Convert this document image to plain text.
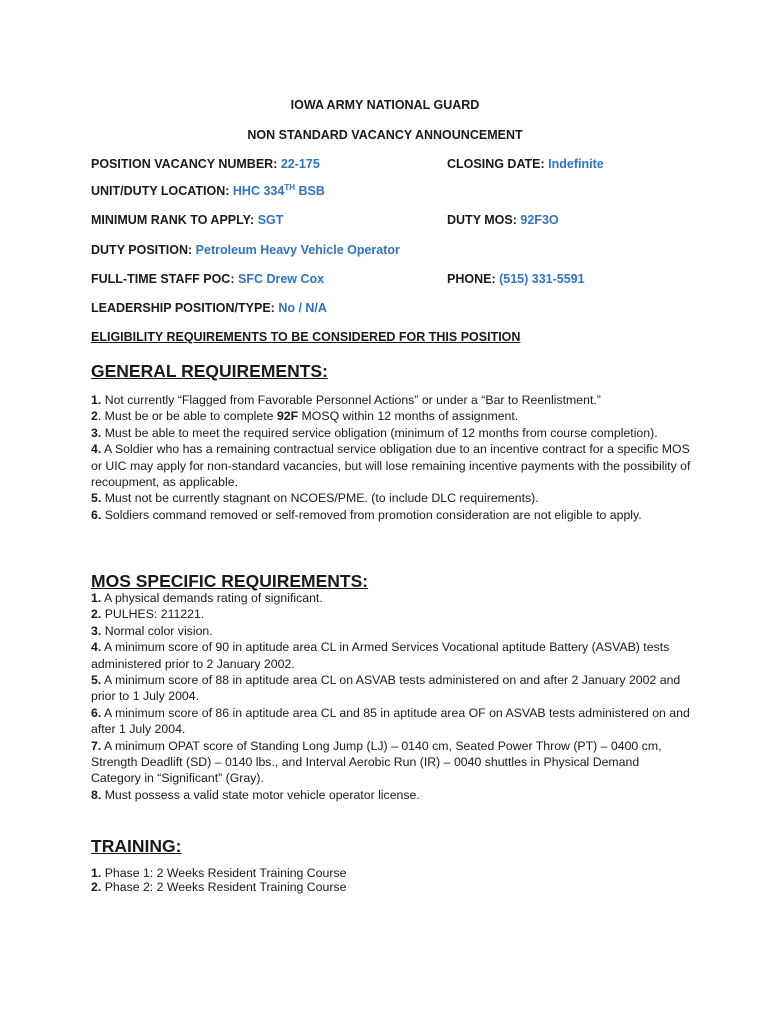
IOWA ARMY NATIONAL GUARD
NON STANDARD VACANCY ANNOUNCEMENT
POSITION VACANCY NUMBER: 22-175	CLOSING DATE: Indefinite
UNIT/DUTY LOCATION: HHC 334TH BSB
MINIMUM RANK TO APPLY: SGT	DUTY MOS: 92F3O
DUTY POSITION: Petroleum Heavy Vehicle Operator
FULL-TIME STAFF POC: SFC Drew Cox	PHONE: (515) 331-5591
LEADERSHIP POSITION/TYPE: No / N/A
ELIGIBILITY REQUIREMENTS TO BE CONSIDERED FOR THIS POSITION
GENERAL REQUIREMENTS:

1. Not currently “Flagged from Favorable Personnel Actions” or under a “Bar to Reenlistment.”

2. Must be or be able to complete 92F MOSQ within 12 months of assignment.

3. Must be able to meet the required service obligation (minimum of 12 months from course completion).

4. A Soldier who has a remaining contractual service obligation due to an incentive contract for a specific MOS or UIC may apply for non-standard vacancies, but will lose remaining incentive payments with the possibility of recoupment, as applicable.

5. Must not be currently stagnant on NCOES/PME. (to include DLC requirements).

6. Soldiers command removed or self-removed from promotion consideration are not eligible to apply.

MOS SPECIFIC REQUIREMENTS:

1. A physical demands rating of significant.

2. PULHES: 211221.

3. Normal color vision.

4. A minimum score of 90 in aptitude area CL in Armed Services Vocational aptitude Battery (ASVAB) tests administered prior to 2 January 2002.

5. A minimum score of 88 in aptitude area CL on ASVAB tests administered on and after 2 January 2002 and prior to 1 July 2004.

6. A minimum score of 86 in aptitude area CL and 85 in aptitude area OF on ASVAB tests administered on and after 1 July 2004.

7. A minimum OPAT score of Standing Long Jump (LJ) – 0140 cm, Seated Power Throw (PT) – 0400 cm, Strength Deadlift (SD) – 0140 lbs., and Interval Aerobic Run (IR) – 0040 shuttles in Physical Demand Category in “Significant” (Gray).

8. Must possess a valid state motor vehicle operator license.

TRAINING:

1. Phase 1: 2 Weeks Resident Training Course

2. Phase 2: 2 Weeks Resident Training Course
